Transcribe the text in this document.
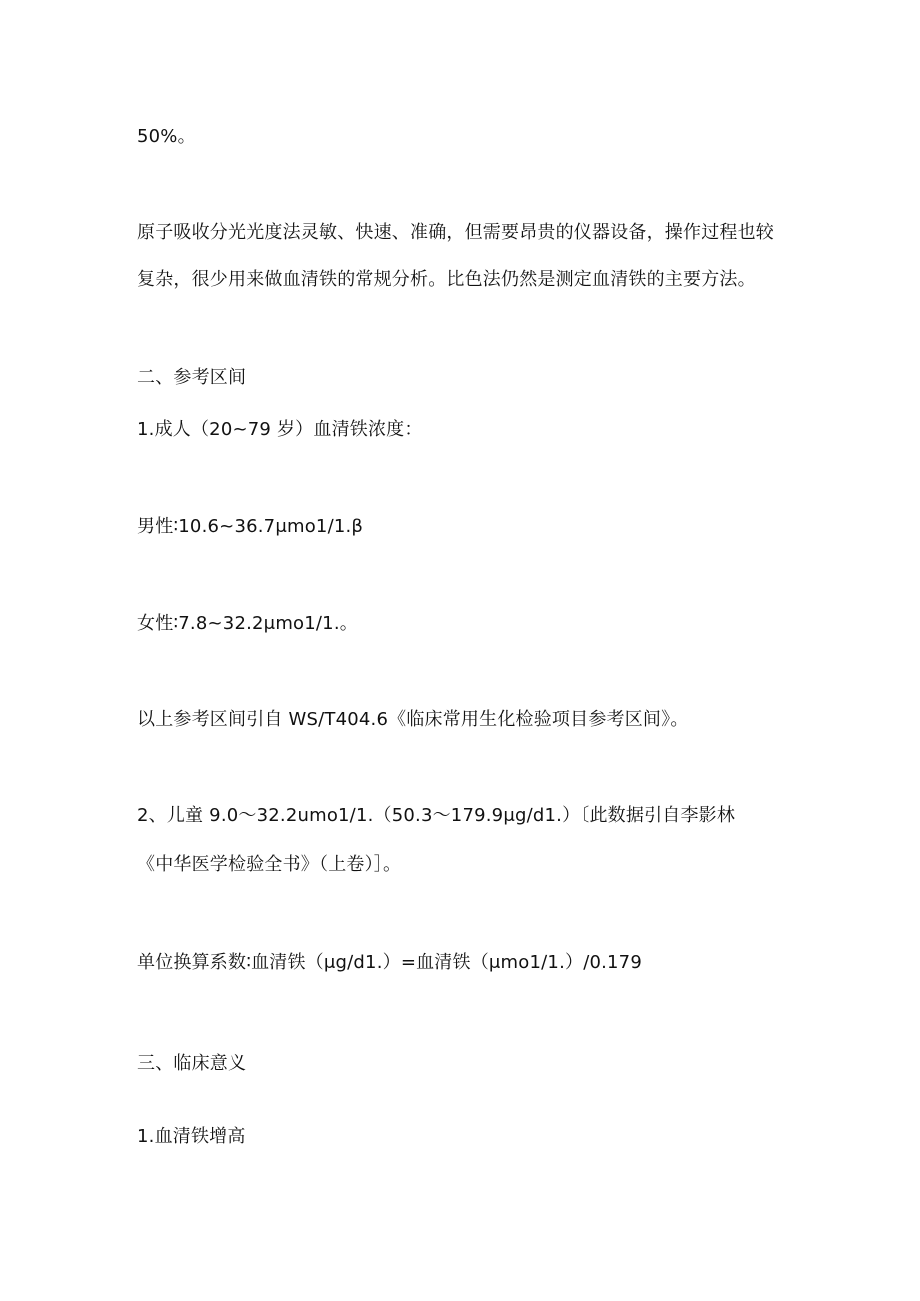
50%。
原子吸收分光光度法灵敏、快速、准确，但需要昂贵的仪器设备，操作过程也较
复杂，很少用来做血清铁的常规分析。比色法仍然是测定血清铁的主要方法。
二、参考区间
1.成人（20~79 岁）血清铁浓度：
男性∶10.6~36.7μmo1∕1.β
女性∶7.8~32.2μmo1∕1.。
以上参考区间引自 WS/T404.6《临床常用生化检验项目参考区间》。
2、儿童 9.0～32.2umo1∕1.（50.3～179.9μg∕d1.）〔此数据引自李影林
《中华医学检验全书》（上卷）］。
单位换算系数∶血清铁（μg∕d1.）=血清铁（μmo1∕1.）/0.179
三、临床意义
1.血清铁增高
